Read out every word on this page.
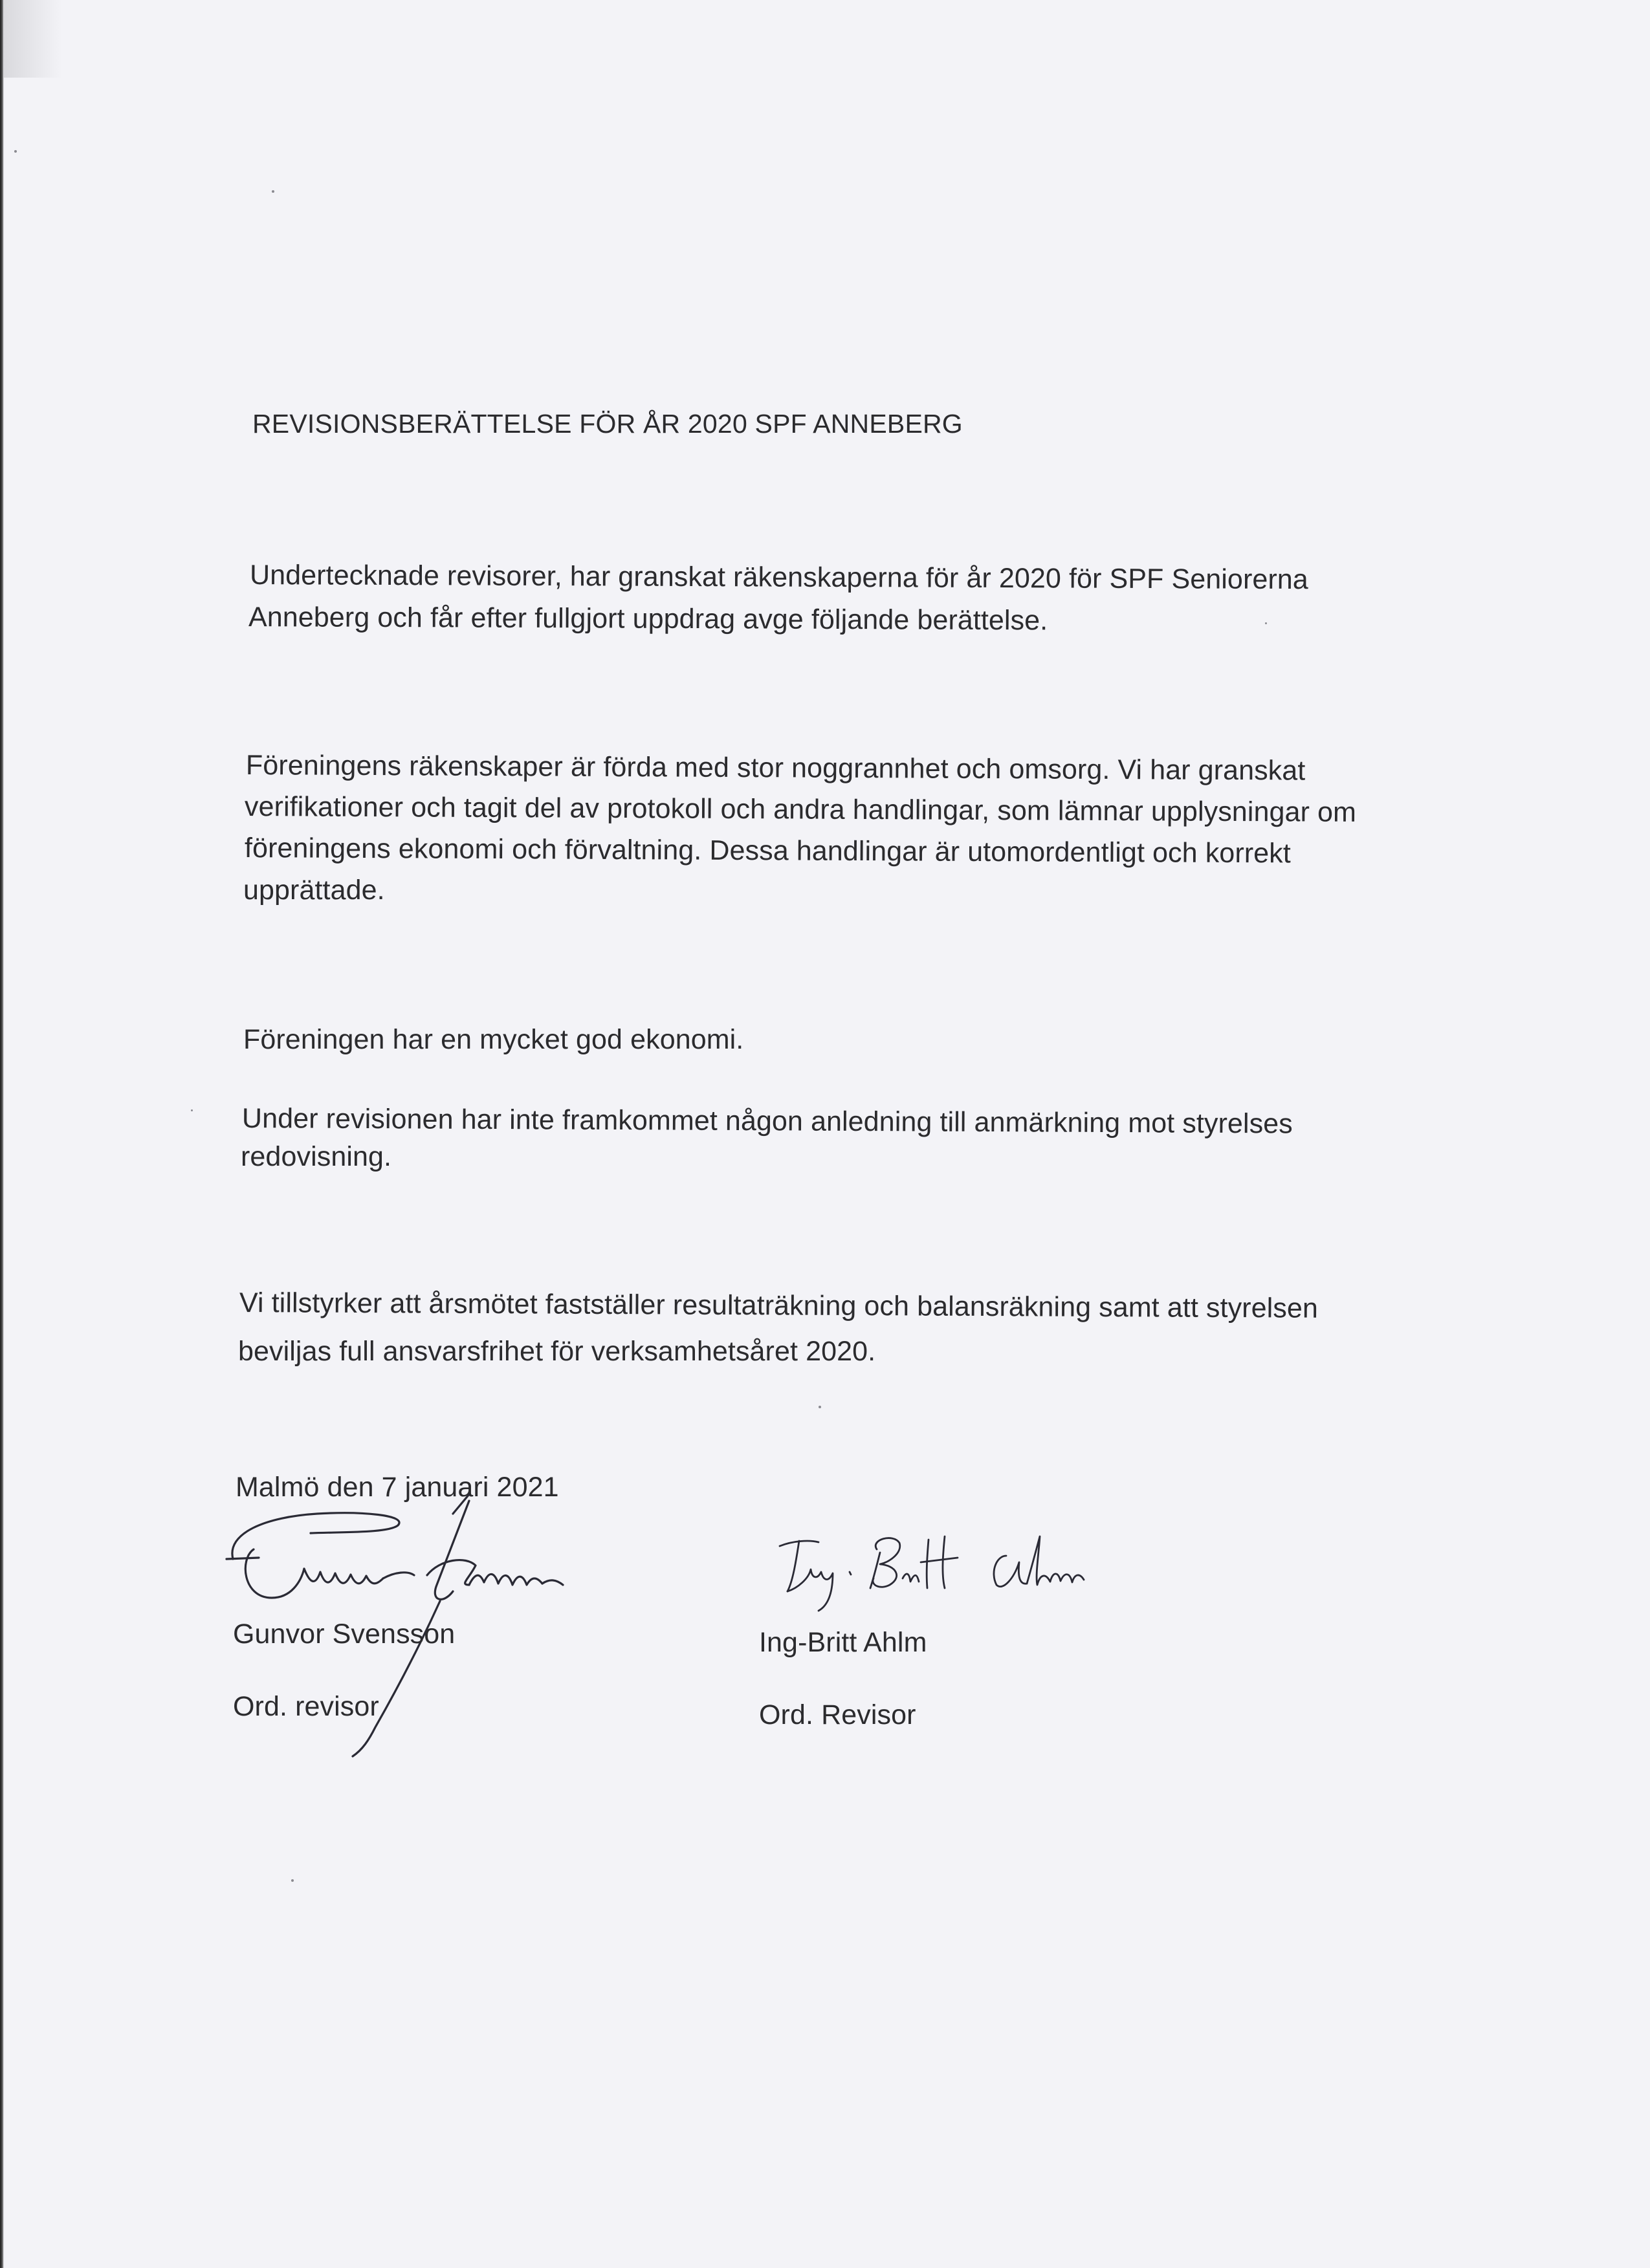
REVISIONSBERÄTTELSE FÖR ÅR 2020 SPF ANNEBERG
Undertecknade revisorer, har granskat räkenskaperna för år 2020 för SPF Seniorerna
Anneberg och får efter fullgjort uppdrag avge följande berättelse.
Föreningens räkenskaper är förda med stor noggrannhet och omsorg. Vi har granskat
verifikationer och tagit del av protokoll och andra handlingar, som lämnar upplysningar om
föreningens ekonomi och förvaltning. Dessa handlingar är utomordentligt och korrekt
upprättade.
Föreningen har en mycket god ekonomi.
Under revisionen har inte framkommet någon anledning till anmärkning mot styrelses
redovisning.
Vi tillstyrker att årsmötet fastställer resultaträkning och balansräkning samt att styrelsen
beviljas full ansvarsfrihet för verksamhetsåret 2020.
Malmö den 7 januari 2021
Gunvor Svensson
Ord. revisor
Ing-Britt Ahlm
Ord. Revisor
